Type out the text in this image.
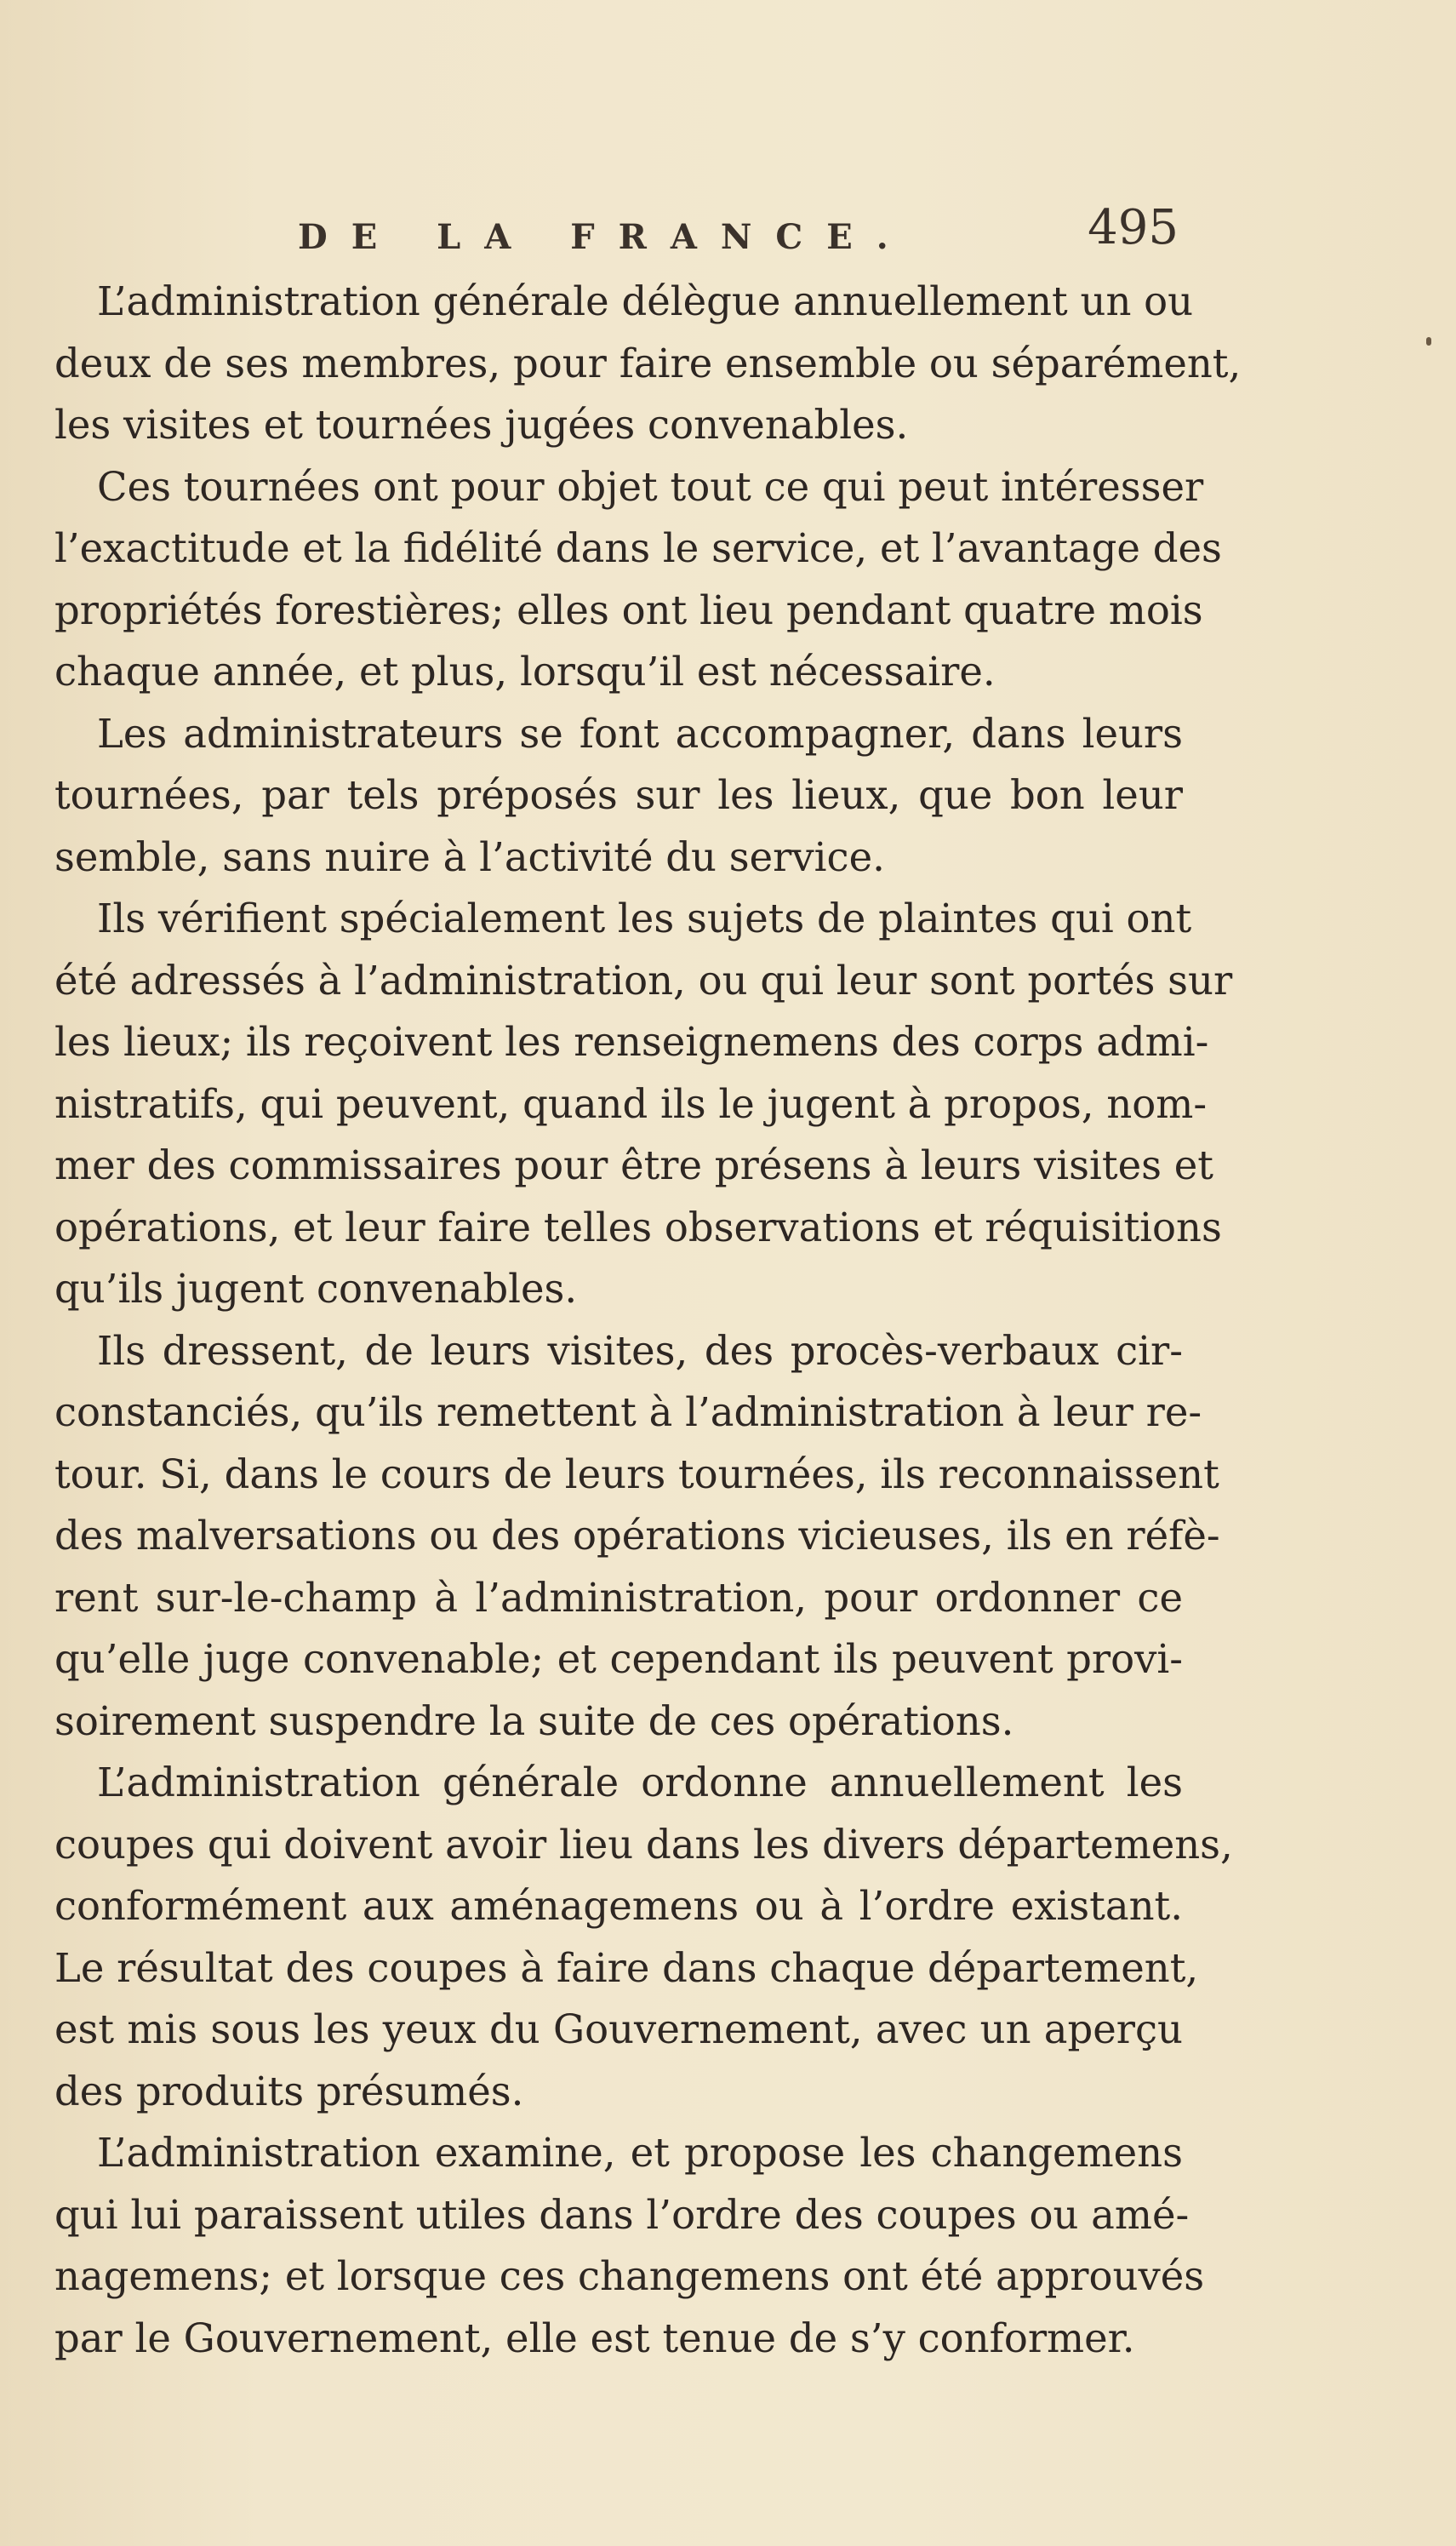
DE LA FRANCE.	495

L’administration générale délègue annuellement un ou
deux de ses membres, pour faire ensemble ou séparément,
les visites et tournées jugées convenables.

Ces tournées ont pour objet tout ce qui peut intéresser
l’exactitude et la fidélité dans le service, et l’avantage des
propriétés forestières; elles ont lieu pendant quatre mois
chaque année, et plus, lorsqu’il est nécessaire.

Les administrateurs se font accompagner, dans leurs
tournées, par tels préposés sur les lieux, que bon leur
semble, sans nuire à l’activité du service.

Ils vérifient spécialement les sujets de plaintes qui ont
été adressés à l’administration, ou qui leur sont portés sur
les lieux; ils reçoivent les renseignemens des corps admi-
nistratifs, qui peuvent, quand ils le jugent à propos, nom-
mer des commissaires pour être présens à leurs visites et
opérations, et leur faire telles observations et réquisitions
qu’ils jugent convenables.

Ils dressent, de leurs visites, des procès-verbaux cir-
constanciés, qu’ils remettent à l’administration à leur re-
tour. Si, dans le cours de leurs tournées, ils reconnaissent
des malversations ou des opérations vicieuses, ils en réfè-
rent sur-le-champ à l’administration, pour ordonner ce
qu’elle juge convenable; et cependant ils peuvent provi-
soirement suspendre la suite de ces opérations.

L’administration générale ordonne annuellement les
coupes qui doivent avoir lieu dans les divers départemens,
conformément aux aménagemens ou à l’ordre existant.
Le résultat des coupes à faire dans chaque département,
est mis sous les yeux du Gouvernement, avec un aperçu
des produits présumés.

L’administration examine, et propose les changemens
qui lui paraissent utiles dans l’ordre des coupes ou amé-
nagemens; et lorsque ces changemens ont été approuvés
par le Gouvernement, elle est tenue de s’y conformer.
